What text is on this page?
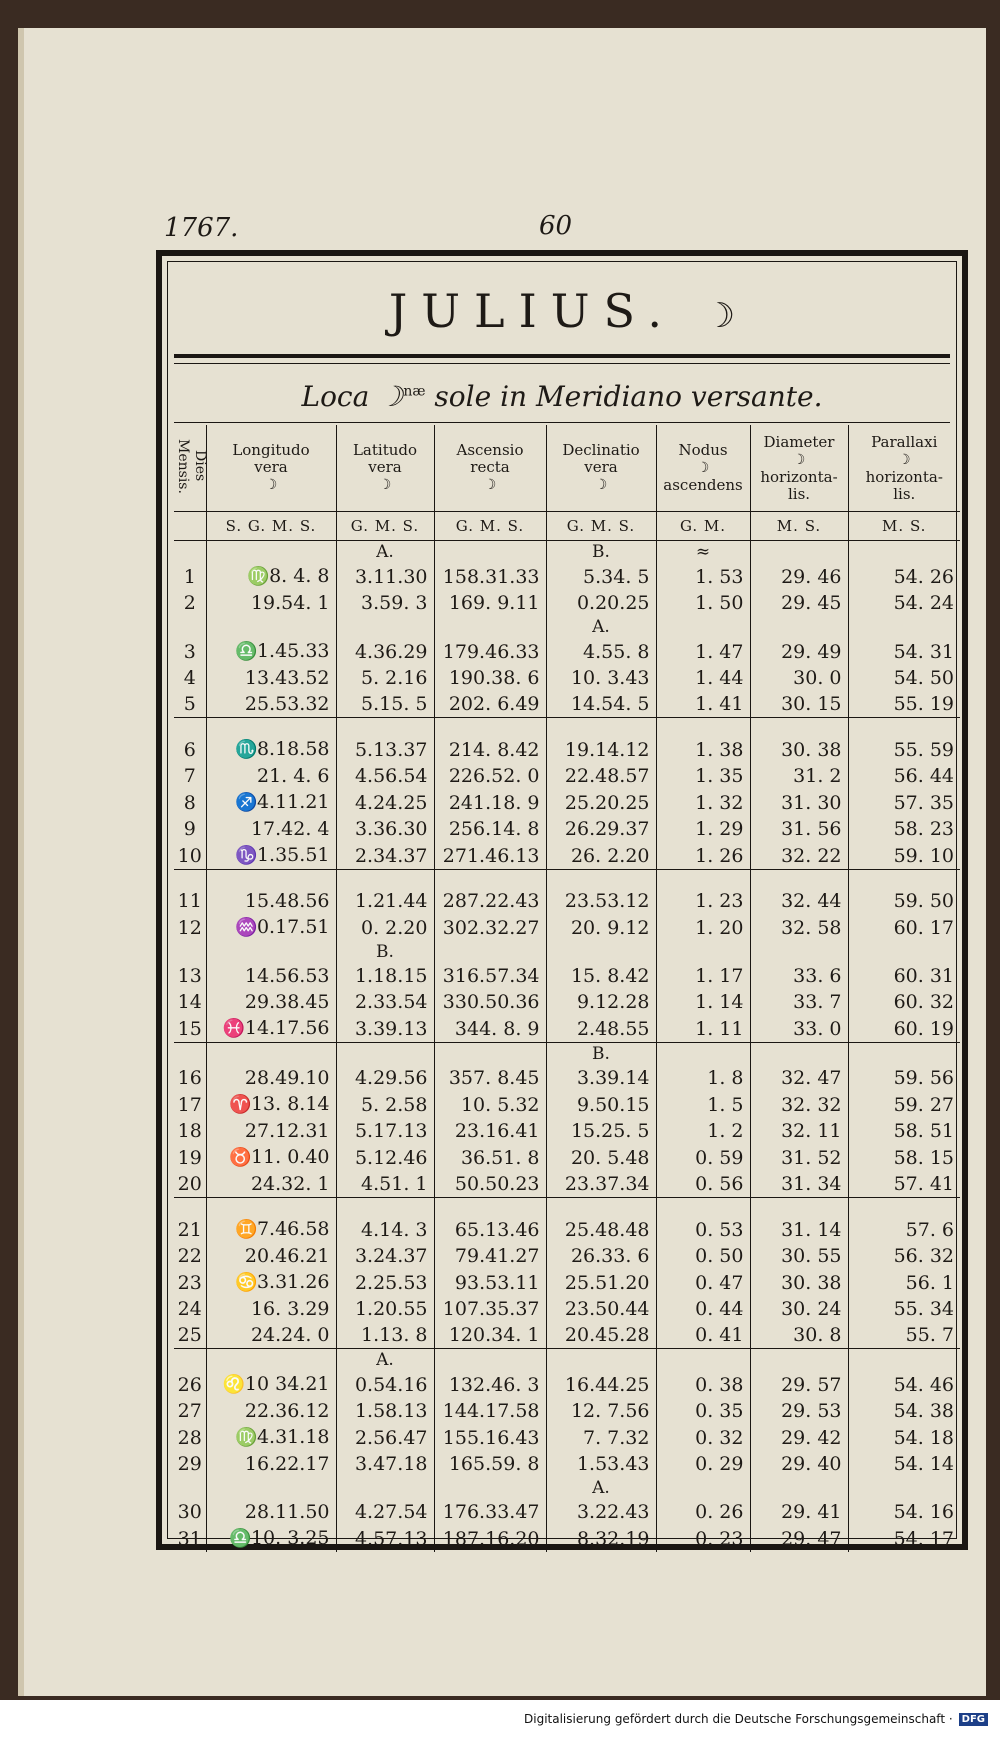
1767.	60
JULIUS. ☽
Loca ☽$^{næ}$ sole in Meridiano versante.
Dies Mensis.	Longitudo
vera
☽	Latitudo
vera
☽	Ascensio
recta
☽	Declinatio
vera
☽	Nodus
☽
ascendens	Diameter
☽
horizonta-
lis.	Parallaxi
☽
horizonta-
lis.
	S. G. M. S.	G. M. S.	G. M. S.	G. M. S.	G. M.	M. S.	M. S.
		A.		B.	≈		
1	♍8. 4. 8	3.11.30	158.31.33	5.34. 5	1. 53	29. 46	54. 26
2	19.54. 1	3.59. 3	169. 9.11	0.20.25	1. 50	29. 45	54. 24
				A.			
3	♎1.45.33	4.36.29	179.46.33	4.55. 8	1. 47	29. 49	54. 31
4	13.43.52	5. 2.16	190.38. 6	10. 3.43	1. 44	30. 0	54. 50
5	25.53.32	5.15. 5	202. 6.49	14.54. 5	1. 41	30. 15	55. 19

6	♏8.18.58	5.13.37	214. 8.42	19.14.12	1. 38	30. 38	55. 59
7	21. 4. 6	4.56.54	226.52. 0	22.48.57	1. 35	31. 2	56. 44
8	♐4.11.21	4.24.25	241.18. 9	25.20.25	1. 32	31. 30	57. 35
9	17.42. 4	3.36.30	256.14. 8	26.29.37	1. 29	31. 56	58. 23
10	♑1.35.51	2.34.37	271.46.13	26. 2.20	1. 26	32. 22	59. 10

11	15.48.56	1.21.44	287.22.43	23.53.12	1. 23	32. 44	59. 50
12	♒0.17.51	0. 2.20	302.32.27	20. 9.12	1. 20	32. 58	60. 17
		B.					
13	14.56.53	1.18.15	316.57.34	15. 8.42	1. 17	33. 6	60. 31
14	29.38.45	2.33.54	330.50.36	9.12.28	1. 14	33. 7	60. 32
15	♓14.17.56	3.39.13	344. 8. 9	2.48.55	1. 11	33. 0	60. 19
				B.			
16	28.49.10	4.29.56	357. 8.45	3.39.14	1. 8	32. 47	59. 56
17	♈13. 8.14	5. 2.58	10. 5.32	9.50.15	1. 5	32. 32	59. 27
18	27.12.31	5.17.13	23.16.41	15.25. 5	1. 2	32. 11	58. 51
19	♉11. 0.40	5.12.46	36.51. 8	20. 5.48	0. 59	31. 52	58. 15
20	24.32. 1	4.51. 1	50.50.23	23.37.34	0. 56	31. 34	57. 41

21	♊7.46.58	4.14. 3	65.13.46	25.48.48	0. 53	31. 14	57. 6
22	20.46.21	3.24.37	79.41.27	26.33. 6	0. 50	30. 55	56. 32
23	♋3.31.26	2.25.53	93.53.11	25.51.20	0. 47	30. 38	56. 1
24	16. 3.29	1.20.55	107.35.37	23.50.44	0. 44	30. 24	55. 34
25	24.24. 0	1.13. 8	120.34. 1	20.45.28	0. 41	30. 8	55. 7
		A.					
26	♌10 34.21	0.54.16	132.46. 3	16.44.25	0. 38	29. 57	54. 46
27	22.36.12	1.58.13	144.17.58	12. 7.56	0. 35	29. 53	54. 38
28	♍4.31.18	2.56.47	155.16.43	7. 7.32	0. 32	29. 42	54. 18
29	16.22.17	3.47.18	165.59. 8	1.53.43	0. 29	29. 40	54. 14
				A.			
30	28.11.50	4.27.54	176.33.47	3.22.43	0. 26	29. 41	54. 16
31	♎10. 3.25	4.57.13	187.16.20	8.32.19	0. 23	29. 47	54. 17
Digitalisierung gefördert durch die Deutsche Forschungsgemeinschaft · DFG
